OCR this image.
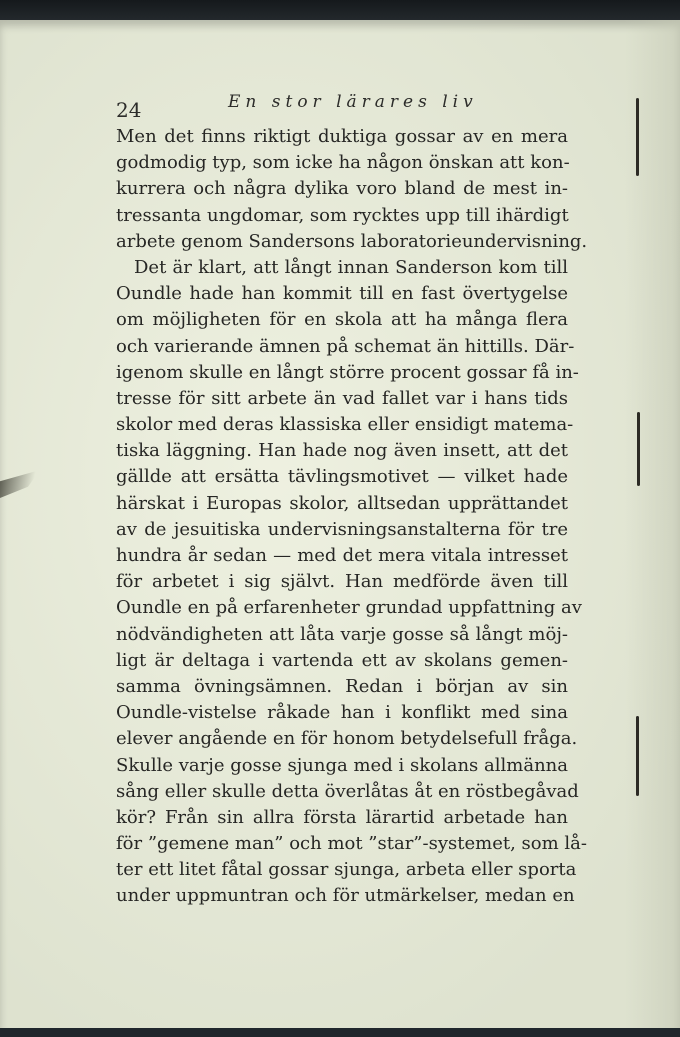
24	En stor lärares liv
Men det finns riktigt duktiga gossar av en mera
godmodig typ, som icke ha någon önskan att kon-
kurrera och några dylika voro bland de mest in-
tressanta ungdomar, som rycktes upp till ihärdigt
arbete genom Sandersons laboratorieundervisning.
Det är klart, att långt innan Sanderson kom till
Oundle hade han kommit till en fast övertygelse
om möjligheten för en skola att ha många flera
och varierande ämnen på schemat än hittills. Där-
igenom skulle en långt större procent gossar få in-
tresse för sitt arbete än vad fallet var i hans tids
skolor med deras klassiska eller ensidigt matema-
tiska läggning. Han hade nog även insett, att det
gällde att ersätta tävlingsmotivet — vilket hade
härskat i Europas skolor, alltsedan upprättandet
av de jesuitiska undervisningsanstalterna för tre
hundra år sedan — med det mera vitala intresset
för arbetet i sig självt. Han medförde även till
Oundle en på erfarenheter grundad uppfattning av
nödvändigheten att låta varje gosse så långt möj-
ligt är deltaga i vartenda ett av skolans gemen-
samma övningsämnen. Redan i början av sin
Oundle-vistelse råkade han i konflikt med sina
elever angående en för honom betydelsefull fråga.
Skulle varje gosse sjunga med i skolans allmänna
sång eller skulle detta överlåtas åt en röstbegåvad
kör? Från sin allra första lärartid arbetade han
för ”gemene man” och mot ”star”-systemet, som lå-
ter ett litet fåtal gossar sjunga, arbeta eller sporta
under uppmuntran och för utmärkelser, medan en
